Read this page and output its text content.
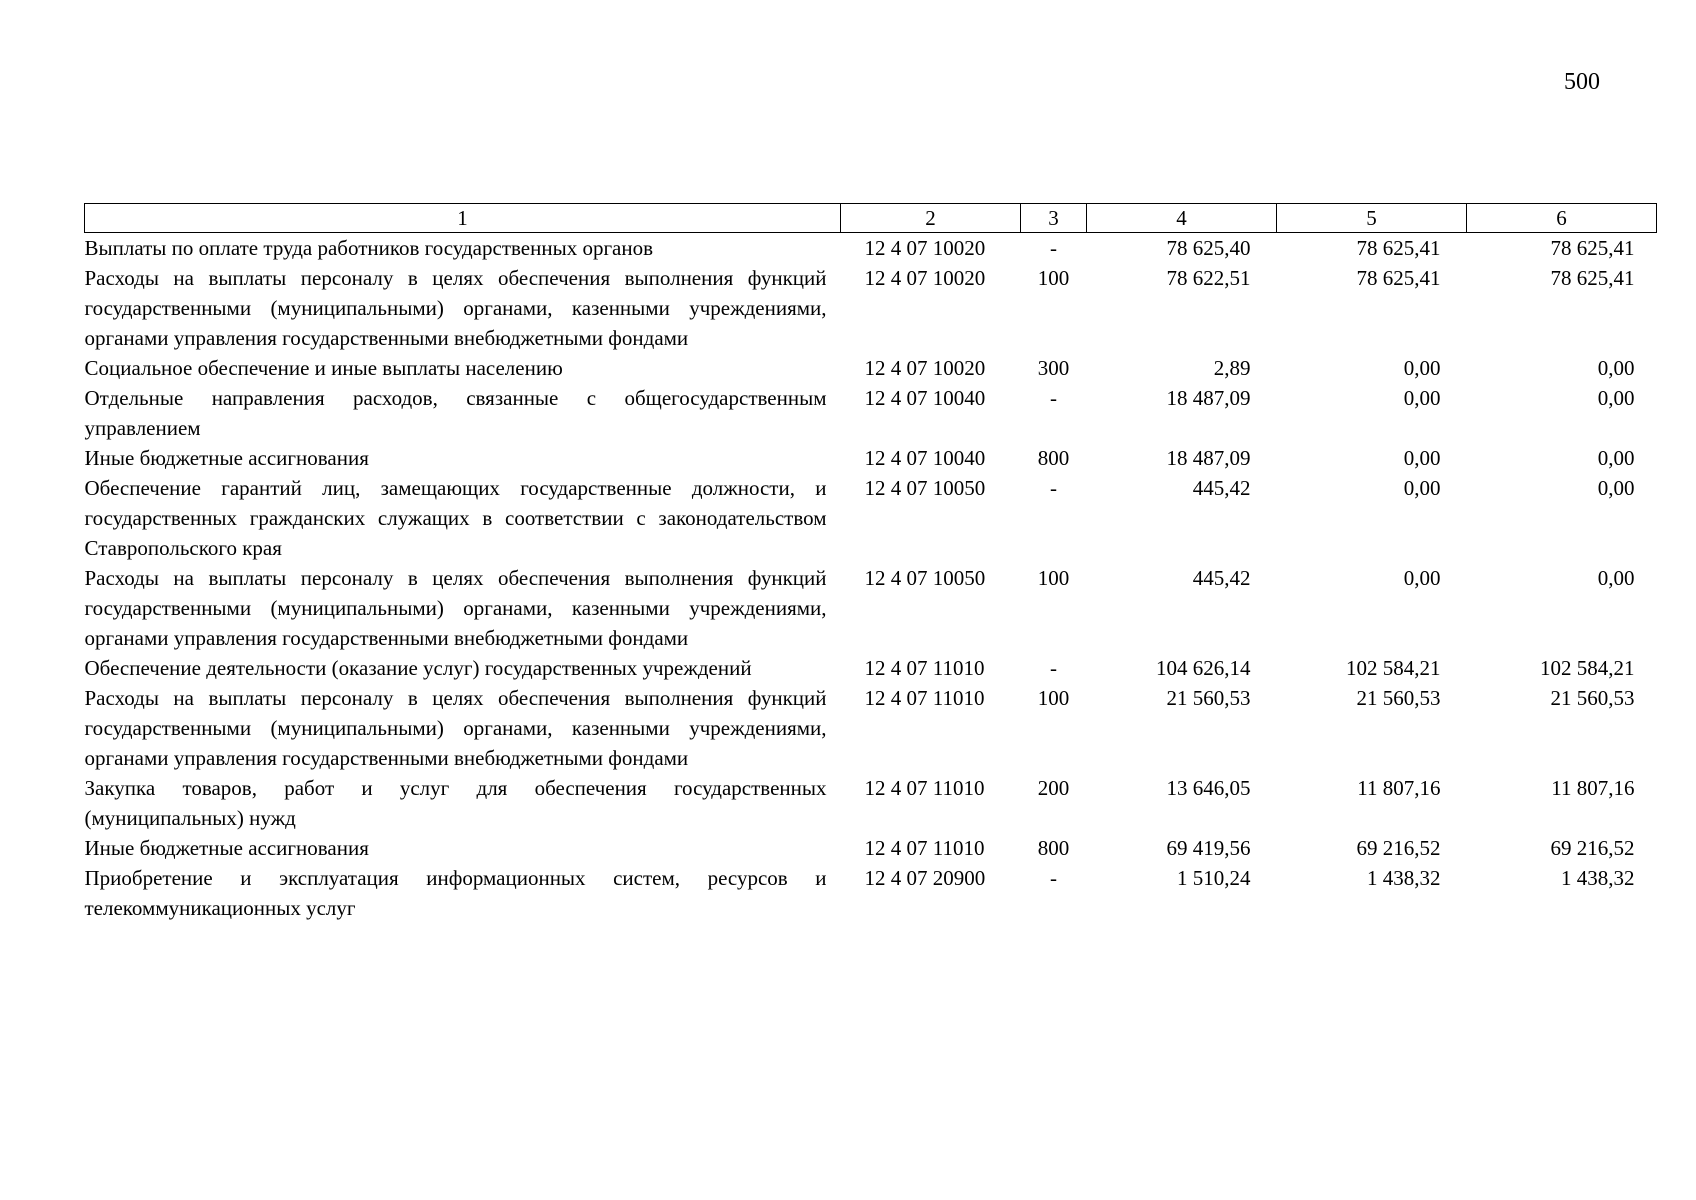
500
1	2	3	4	5	6
Выплаты по оплате труда работников государственных органов	12 4 07 10020	-	78 625,40	78 625,41	78 625,41
Расходы на выплаты персоналу в целях обеспечения выполнения функций государственными (муниципальными) органами, казенными учреждениями, органами управления государственными внебюджетными фондами	12 4 07 10020	100	78 622,51	78 625,41	78 625,41
Социальное обеспечение и иные выплаты населению	12 4 07 10020	300	2,89	0,00	0,00
Отдельные направления расходов, связанные с общегосударственным управлением	12 4 07 10040	-	18 487,09	0,00	0,00
Иные бюджетные ассигнования	12 4 07 10040	800	18 487,09	0,00	0,00
Обеспечение гарантий лиц, замещающих государственные должности, и государственных гражданских служащих в соответствии с законодательством Ставропольского края	12 4 07 10050	-	445,42	0,00	0,00
Расходы на выплаты персоналу в целях обеспечения выполнения функций государственными (муниципальными) органами, казенными учреждениями, органами управления государственными внебюджетными фондами	12 4 07 10050	100	445,42	0,00	0,00
Обеспечение деятельности (оказание услуг) государственных учреждений	12 4 07 11010	-	104 626,14	102 584,21	102 584,21
Расходы на выплаты персоналу в целях обеспечения выполнения функций государственными (муниципальными) органами, казенными учреждениями, органами управления государственными внебюджетными фондами	12 4 07 11010	100	21 560,53	21 560,53	21 560,53
Закупка товаров, работ и услуг для обеспечения государственных (муниципальных) нужд	12 4 07 11010	200	13 646,05	11 807,16	11 807,16
Иные бюджетные ассигнования	12 4 07 11010	800	69 419,56	69 216,52	69 216,52
Приобретение и эксплуатация информационных систем, ресурсов и телекоммуникационных услуг	12 4 07 20900	-	1 510,24	1 438,32	1 438,32
